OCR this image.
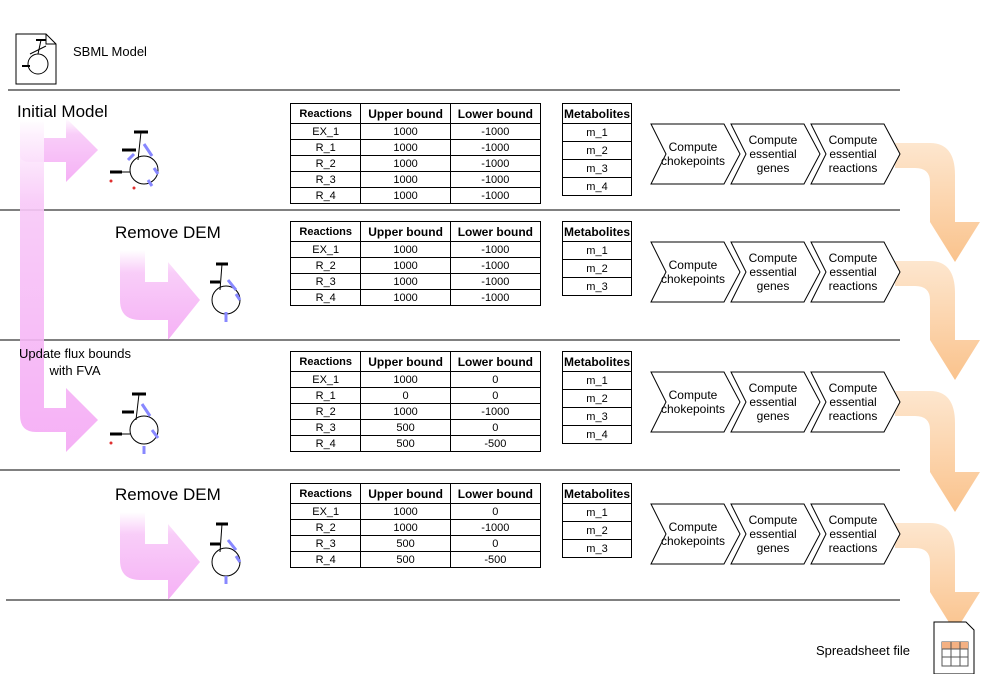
SBML Model
Initial Model
Remove DEM
Update flux bounds with FVA
Remove DEM
Reactions	Upper bound	Lower bound
EX_1	1000	-1000
R_1	1000	-1000
R_2	1000	-1000
R_3	1000	-1000
R_4	1000	-1000
Reactions	Upper bound	Lower bound
EX_1	1000	-1000
R_2	1000	-1000
R_3	1000	-1000
R_4	1000	-1000
Reactions	Upper bound	Lower bound
EX_1	1000	0
R_1	0	0
R_2	1000	-1000
R_3	500	0
R_4	500	-500
Reactions	Upper bound	Lower bound
EX_1	1000	0
R_2	1000	-1000
R_3	500	0
R_4	500	-500
Metabolites
m_1
m_2
m_3
m_4
Metabolites
m_1
m_2
m_3
Metabolites
m_1
m_2
m_3
m_4
Metabolites
m_1
m_2
m_3
Compute chokepoints
Compute essential genes
Compute essential reactions
Compute chokepoints
Compute essential genes
Compute essential reactions
Compute chokepoints
Compute essential genes
Compute essential reactions
Compute chokepoints
Compute essential genes
Compute essential reactions
Spreadsheet file
